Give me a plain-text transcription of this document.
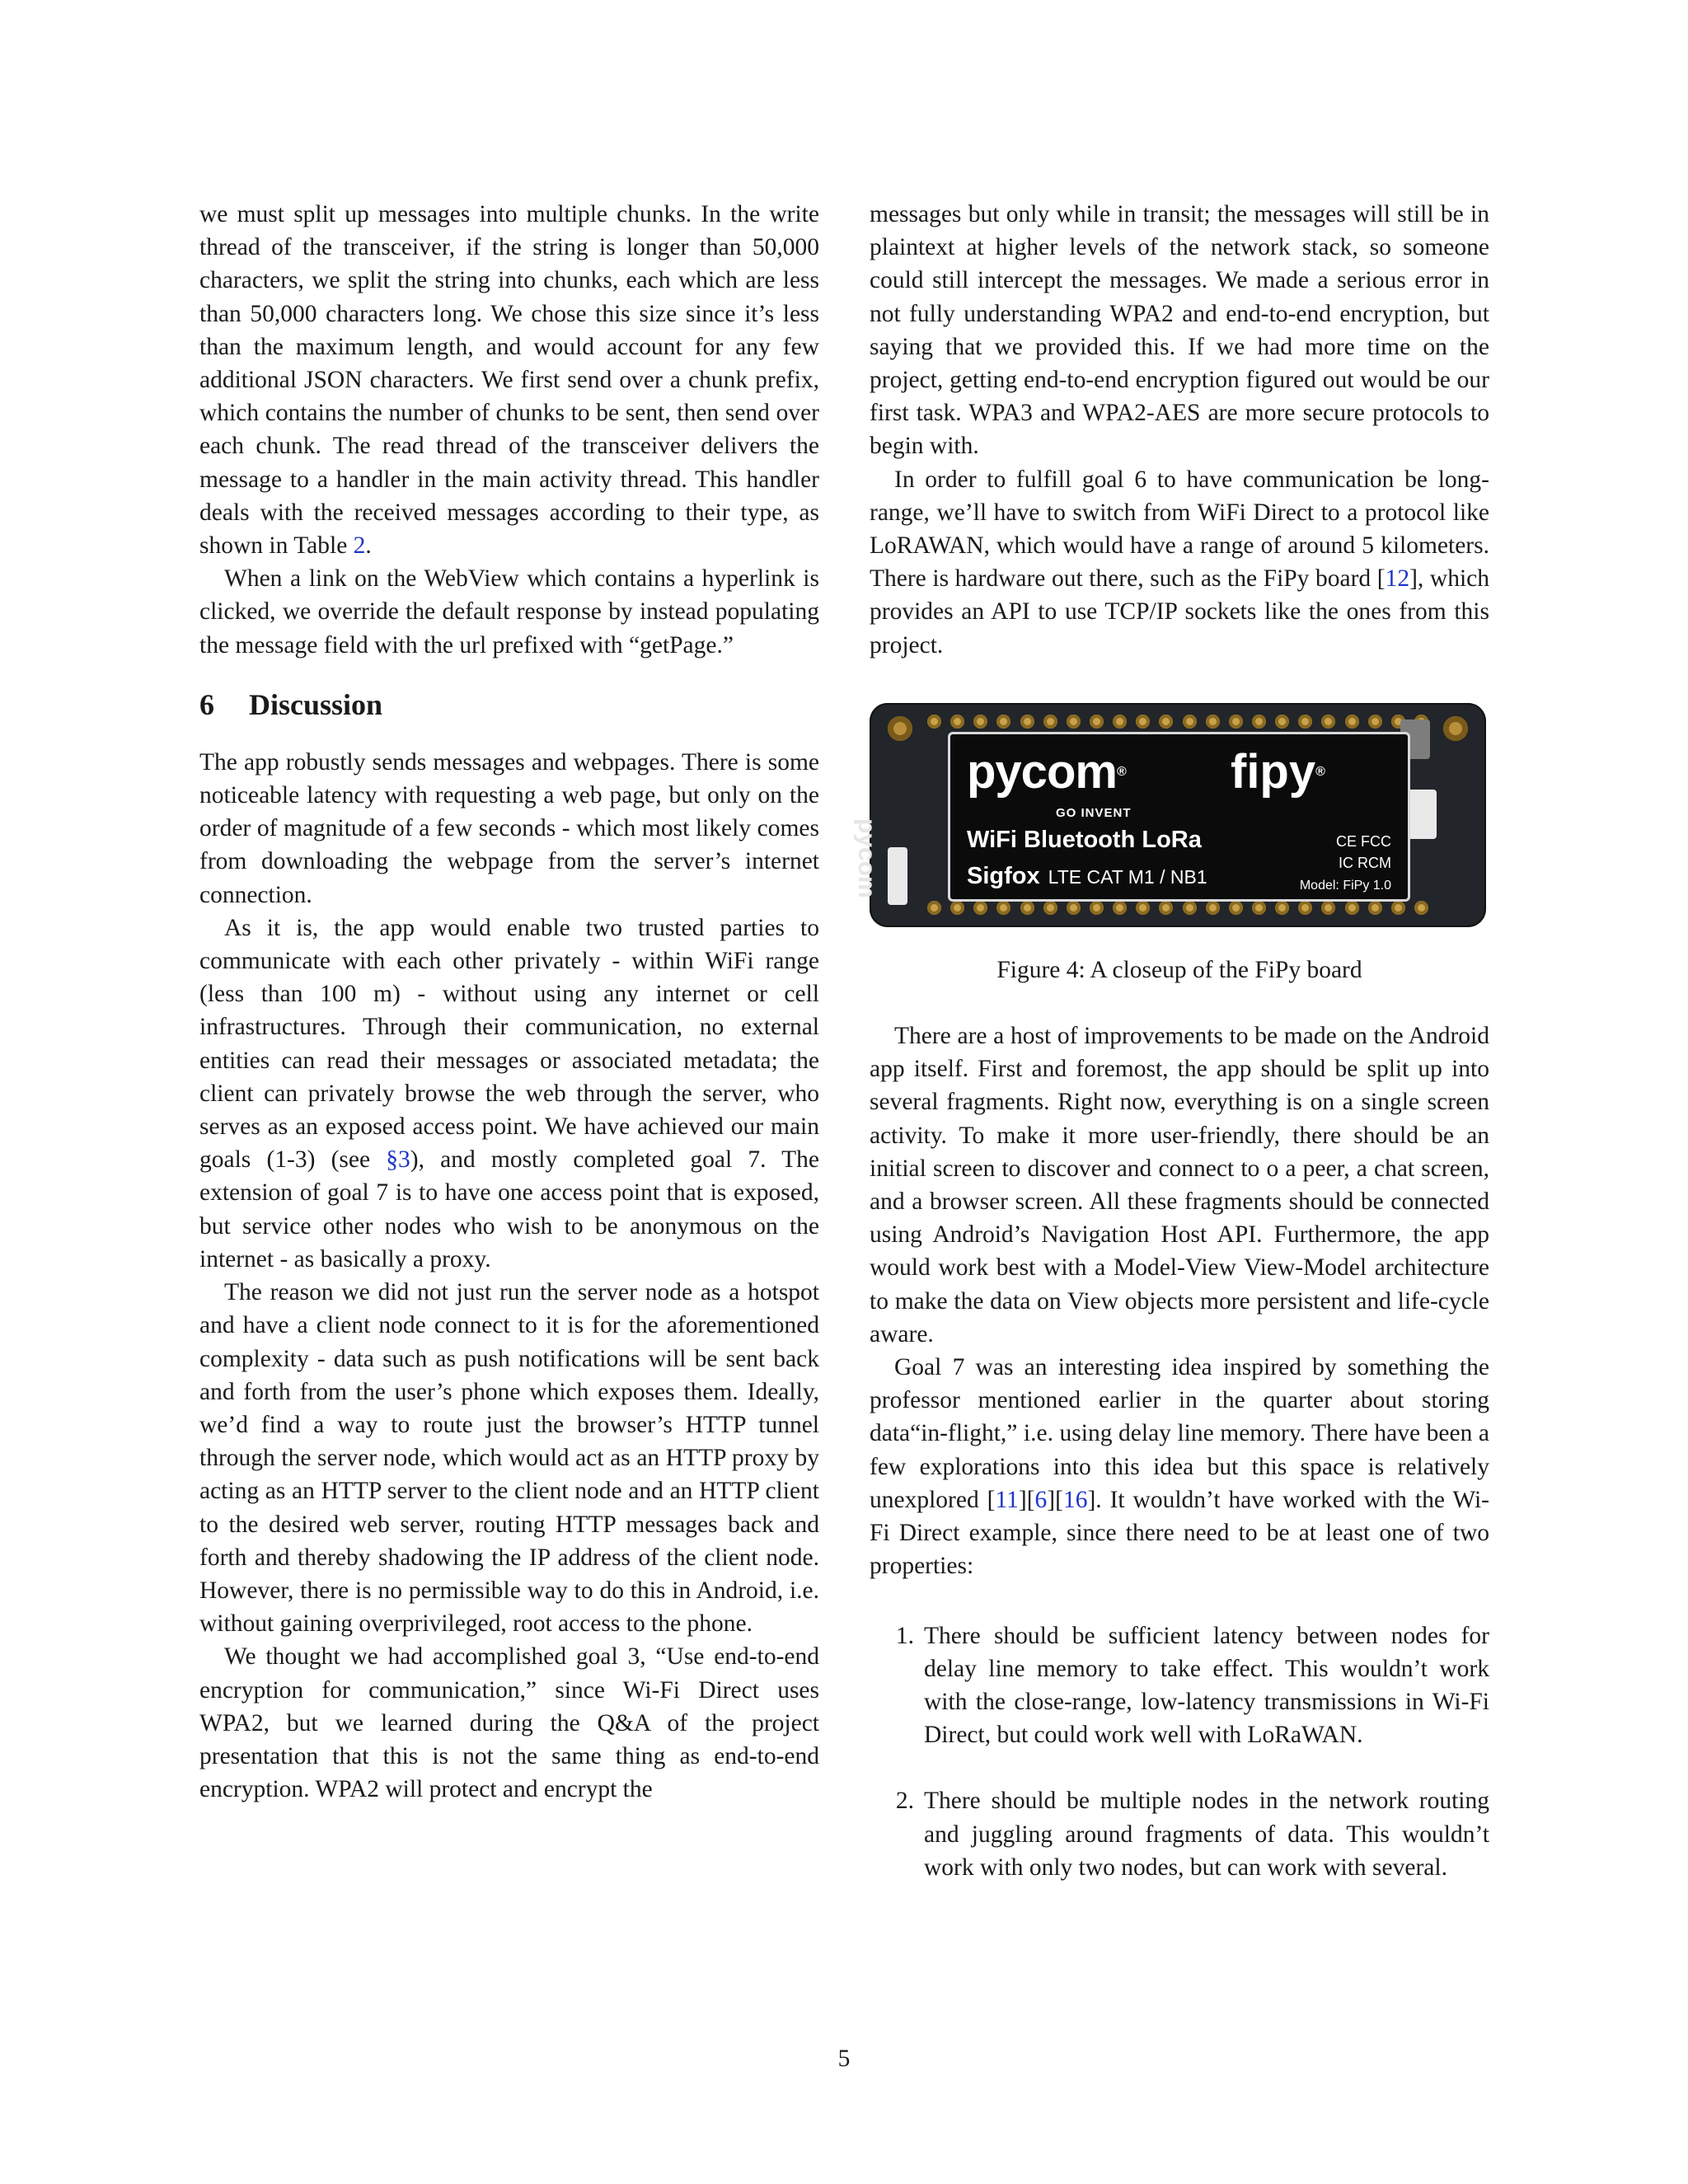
we must split up messages into multiple chunks. In the write thread of the transceiver, if the string is longer than 50,000 characters, we split the string into chunks, each which are less than 50,000 characters long. We chose this size since it’s less than the maximum length, and would account for any few additional JSON characters. We first send over a chunk prefix, which contains the number of chunks to be sent, then send over each chunk. The read thread of the transceiver delivers the message to a handler in the main activity thread. This handler deals with the received messages according to their type, as shown in Table 2.

When a link on the WebView which contains a hyperlink is clicked, we override the default response by instead populating the message field with the url prefixed with “getPage.”

6 Discussion

The app robustly sends messages and webpages. There is some noticeable latency with requesting a web page, but only on the order of magnitude of a few seconds - which most likely comes from downloading the webpage from the server’s internet connection.

As it is, the app would enable two trusted parties to communicate with each other privately - within WiFi range (less than 100 m) - without using any internet or cell infrastructures. Through their communication, no external entities can read their messages or associated metadata; the client can privately browse the web through the server, who serves as an exposed access point. We have achieved our main goals (1-3) (see §3), and mostly completed goal 7. The extension of goal 7 is to have one access point that is exposed, but service other nodes who wish to be anonymous on the internet - as basically a proxy.

The reason we did not just run the server node as a hotspot and have a client node connect to it is for the aforementioned complexity - data such as push notifications will be sent back and forth from the user’s phone which exposes them. Ideally, we’d find a way to route just the browser’s HTTP tunnel through the server node, which would act as an HTTP proxy by acting as an HTTP server to the client node and an HTTP client to the desired web server, routing HTTP messages back and forth and thereby shadowing the IP address of the client node. However, there is no permissible way to do this in Android, i.e. without gaining overprivileged, root access to the phone.

We thought we had accomplished goal 3, “Use end-to-end encryption for communication,” since Wi-Fi Direct uses WPA2, but we learned during the Q&A of the project presentation that this is not the same thing as end-to-end encryption. WPA2 will protect and encrypt the

messages but only while in transit; the messages will still be in plaintext at higher levels of the network stack, so someone could still intercept the messages. We made a serious error in not fully understanding WPA2 and end-to-end encryption, but saying that we provided this. If we had more time on the project, getting end-to-end encryption figured out would be our first task. WPA3 and WPA2-AES are more secure protocols to begin with.

In order to fulfill goal 6 to have communication be long-range, we’ll have to switch from WiFi Direct to a protocol like LoRAWAN, which would have a range of around 5 kilometers. There is hardware out there, such as the FiPy board [12], which provides an API to use TCP/IP sockets like the ones from this project.

pycom
pycom®
GO INVENT
fipy®
WiFi Bluetooth LoRa
Sigfox LTE CAT M1 / NB1
CE FCC
IC RCM
Model: FiPy 1.0

Figure 4: A closeup of the FiPy board

There are a host of improvements to be made on the Android app itself. First and foremost, the app should be split up into several fragments. Right now, everything is on a single screen activity. To make it more user-friendly, there should be an initial screen to discover and connect to o a peer, a chat screen, and a browser screen. All these fragments should be connected using Android’s Navigation Host API. Furthermore, the app would work best with a Model-View View-Model architecture to make the data on View objects more persistent and life-cycle aware.

Goal 7 was an interesting idea inspired by something the professor mentioned earlier in the quarter about storing data“in-flight,” i.e. using delay line memory. There have been a few explorations into this idea but this space is relatively unexplored [11][6][16]. It wouldn’t have worked with the Wi-Fi Direct example, since there need to be at least one of two properties:

1. There should be sufficient latency between nodes for delay line memory to take effect. This wouldn’t work with the close-range, low-latency transmissions in Wi-Fi Direct, but could work well with LoRaWAN.
2. There should be multiple nodes in the network routing and juggling around fragments of data. This wouldn’t work with only two nodes, but can work with several.
5
